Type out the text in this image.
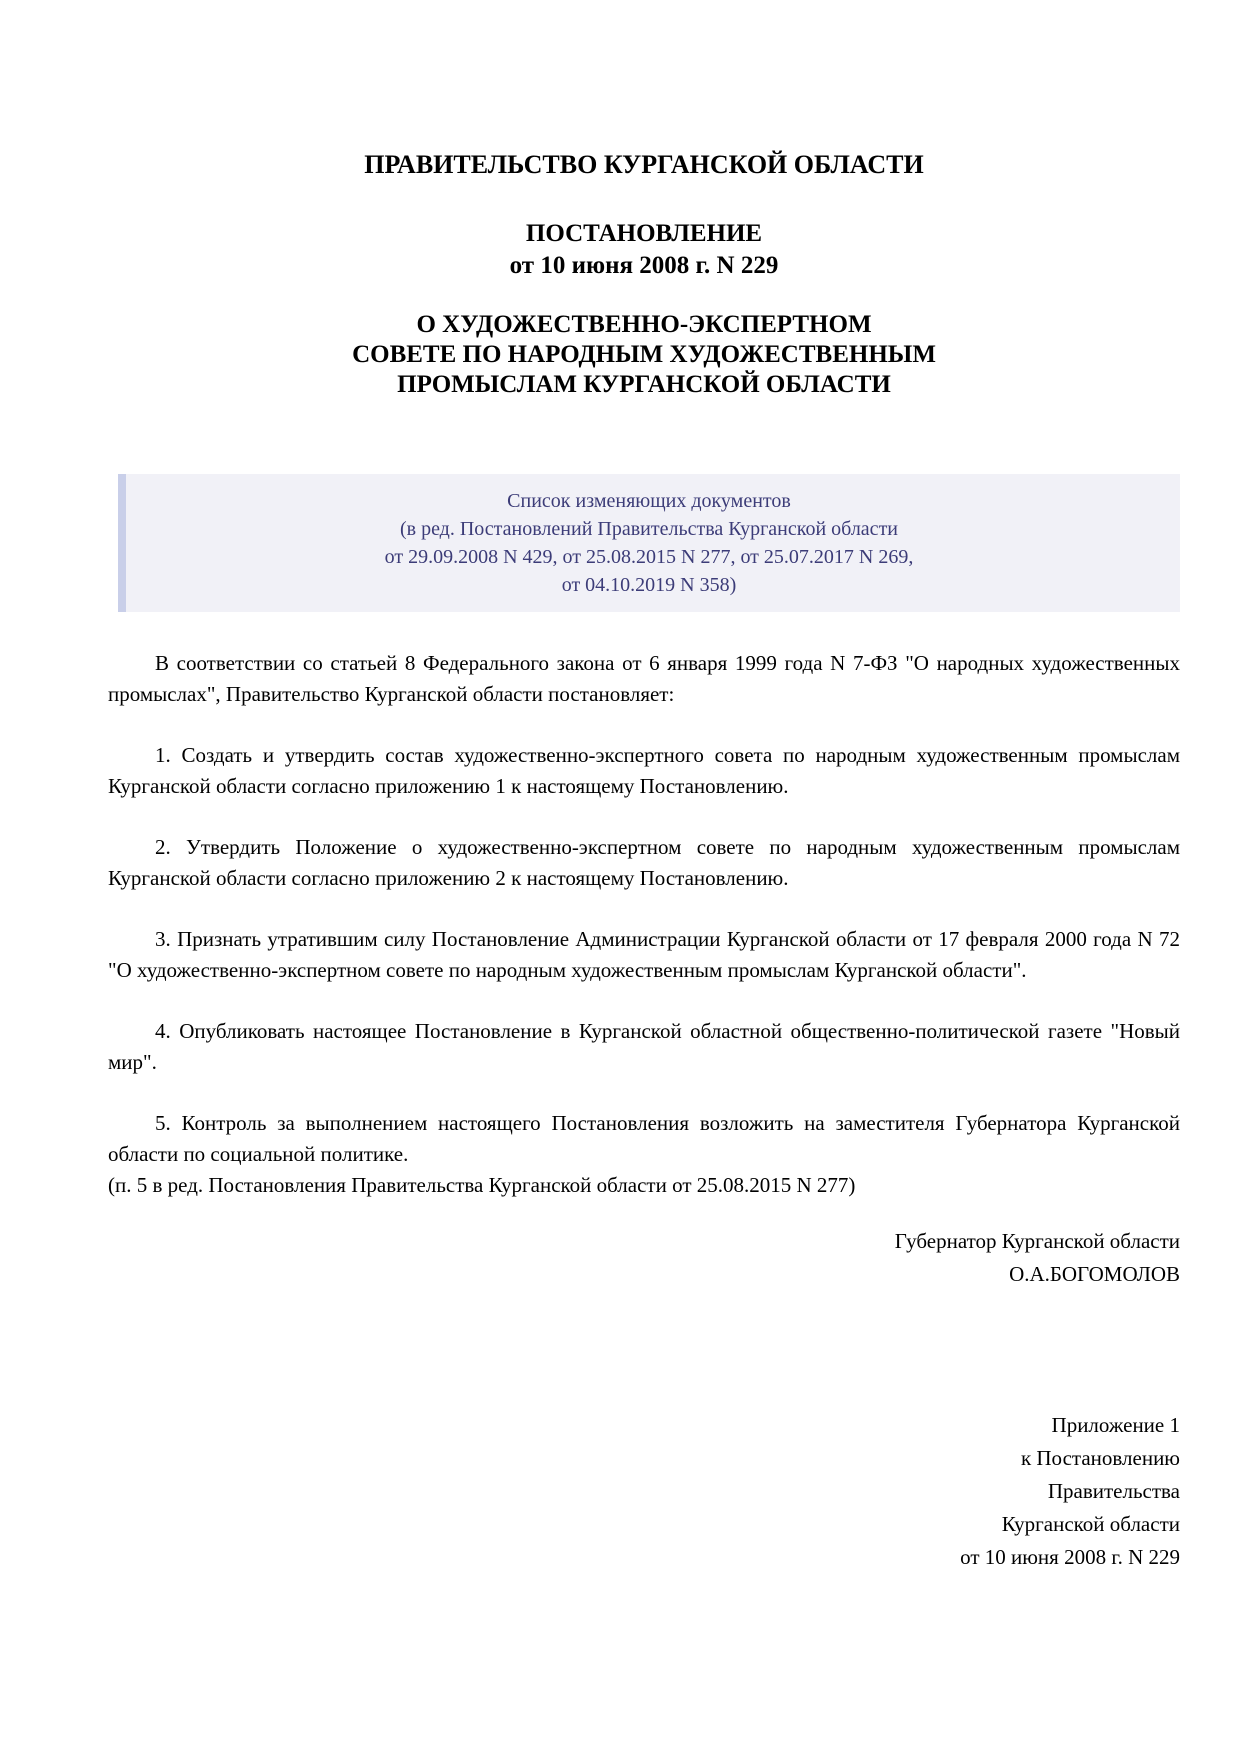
ПРАВИТЕЛЬСТВО КУРГАНСКОЙ ОБЛАСТИ
ПОСТАНОВЛЕНИЕ
от 10 июня 2008 г. N 229
О ХУДОЖЕСТВЕННО-ЭКСПЕРТНОМ
СОВЕТЕ ПО НАРОДНЫМ ХУДОЖЕСТВЕННЫМ
ПРОМЫСЛАМ КУРГАНСКОЙ ОБЛАСТИ
Список изменяющих документов
(в ред. Постановлений Правительства Курганской области
от 29.09.2008 N 429, от 25.08.2015 N 277, от 25.07.2017 N 269,
от 04.10.2019 N 358)

В соответствии со статьей 8 Федерального закона от 6 января 1999 года N 7-ФЗ "О народных художественных промыслах", Правительство Курганской области постановляет:

1. Создать и утвердить состав художественно-экспертного совета по народным художественным промыслам Курганской области согласно приложению 1 к настоящему Постановлению.

2. Утвердить Положение о художественно-экспертном совете по народным художественным промыслам Курганской области согласно приложению 2 к настоящему Постановлению.

3. Признать утратившим силу Постановление Администрации Курганской области от 17 февраля 2000 года N 72 "О художественно-экспертном совете по народным художественным промыслам Курганской области".

4. Опубликовать настоящее Постановление в Курганской областной общественно-политической газете "Новый мир".

5. Контроль за выполнением настоящего Постановления возложить на заместителя Губернатора Курганской области по социальной политике.

(п. 5 в ред. Постановления Правительства Курганской области от 25.08.2015 N 277)

Губернатор Курганской области
О.А.БОГОМОЛОВ
Приложение 1
к Постановлению
Правительства
Курганской области
от 10 июня 2008 г. N 229
